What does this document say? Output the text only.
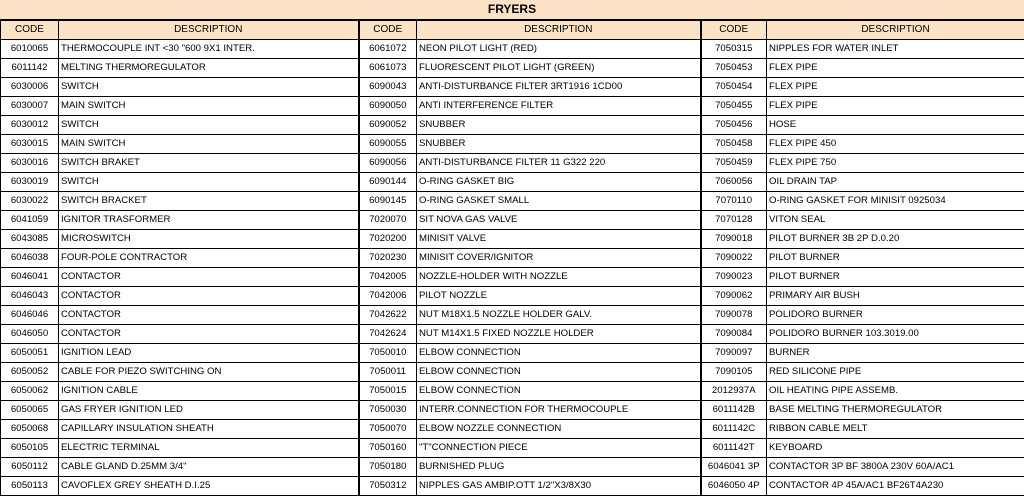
FRYERS
CODE	DESCRIPTION	CODE	DESCRIPTION	CODE	DESCRIPTION
6010065	THERMOCOUPLE INT <30 "600 9X1 INTER.	6061072	NEON PILOT LIGHT (RED)	7050315	NIPPLES FOR WATER INLET
6011142	MELTING THERMOREGULATOR	6061073	FLUORESCENT PILOT LIGHT (GREEN)	7050453	FLEX PIPE
6030006	SWITCH	6090043	ANTI-DISTURBANCE FILTER 3RT1916 1CD00	7050454	FLEX PIPE
6030007	MAIN SWITCH	6090050	ANTI INTERFERENCE FILTER	7050455	FLEX PIPE
6030012	SWITCH	6090052	SNUBBER	7050456	HOSE
6030015	MAIN SWITCH	6090055	SNUBBER	7050458	FLEX PIPE 450
6030016	SWITCH BRAKET	6090056	ANTI-DISTURBANCE FILTER 11 G322 220	7050459	FLEX PIPE 750
6030019	SWITCH	6090144	O-RING GASKET BIG	7060056	OIL DRAIN TAP
6030022	SWITCH BRACKET	6090145	O-RING GASKET SMALL	7070110	O-RING GASKET FOR MINISIT 0925034
6041059	IGNITOR TRASFORMER	7020070	SIT NOVA GAS VALVE	7070128	VITON SEAL
6043085	MICROSWITCH	7020200	MINISIT VALVE	7090018	PILOT BURNER 3B 2P D.0.20
6046038	FOUR-POLE CONTRACTOR	7020230	MINISIT COVER/IGNITOR	7090022	PILOT BURNER
6046041	CONTACTOR	7042005	NOZZLE-HOLDER WITH NOZZLE	7090023	PILOT BURNER
6046043	CONTACTOR	7042006	PILOT NOZZLE	7090062	PRIMARY AIR BUSH
6046046	CONTACTOR	7042622	NUT M18X1.5 NOZZLE HOLDER GALV.	7090078	POLIDORO BURNER
6046050	CONTACTOR	7042624	NUT M14X1.5 FIXED NOZZLE HOLDER	7090084	POLIDORO BURNER 103.3019.00
6050051	IGNITION LEAD	7050010	ELBOW CONNECTION	7090097	BURNER
6050052	CABLE FOR PIEZO SWITCHING ON	7050011	ELBOW CONNECTION	7090105	RED SILICONE PIPE
6050062	IGNITION CABLE	7050015	ELBOW CONNECTION	2012937A	OIL HEATING PIPE ASSEMB.
6050065	GAS FRYER IGNITION LED	7050030	INTERR.CONNECTION FOR THERMOCOUPLE	6011142B	BASE MELTING THERMOREGULATOR
6050068	CAPILLARY INSULATION SHEATH	7050070	ELBOW NOZZLE CONNECTION	6011142C	RIBBON CABLE MELT
6050105	ELECTRIC TERMINAL	7050160	"T"CONNECTION PIECE	6011142T	KEYBOARD
6050112	CABLE GLAND D.25MM 3/4"	7050180	BURNISHED PLUG	6046041 3P	CONTACTOR 3P BF 3800A 230V 60A/AC1
6050113	CAVOFLEX GREY SHEATH D.I.25	7050312	NIPPLES GAS AMBIP.OTT 1/2"X3/8X30	6046050 4P	CONTACTOR 4P 45A/AC1 BF26T4A230
